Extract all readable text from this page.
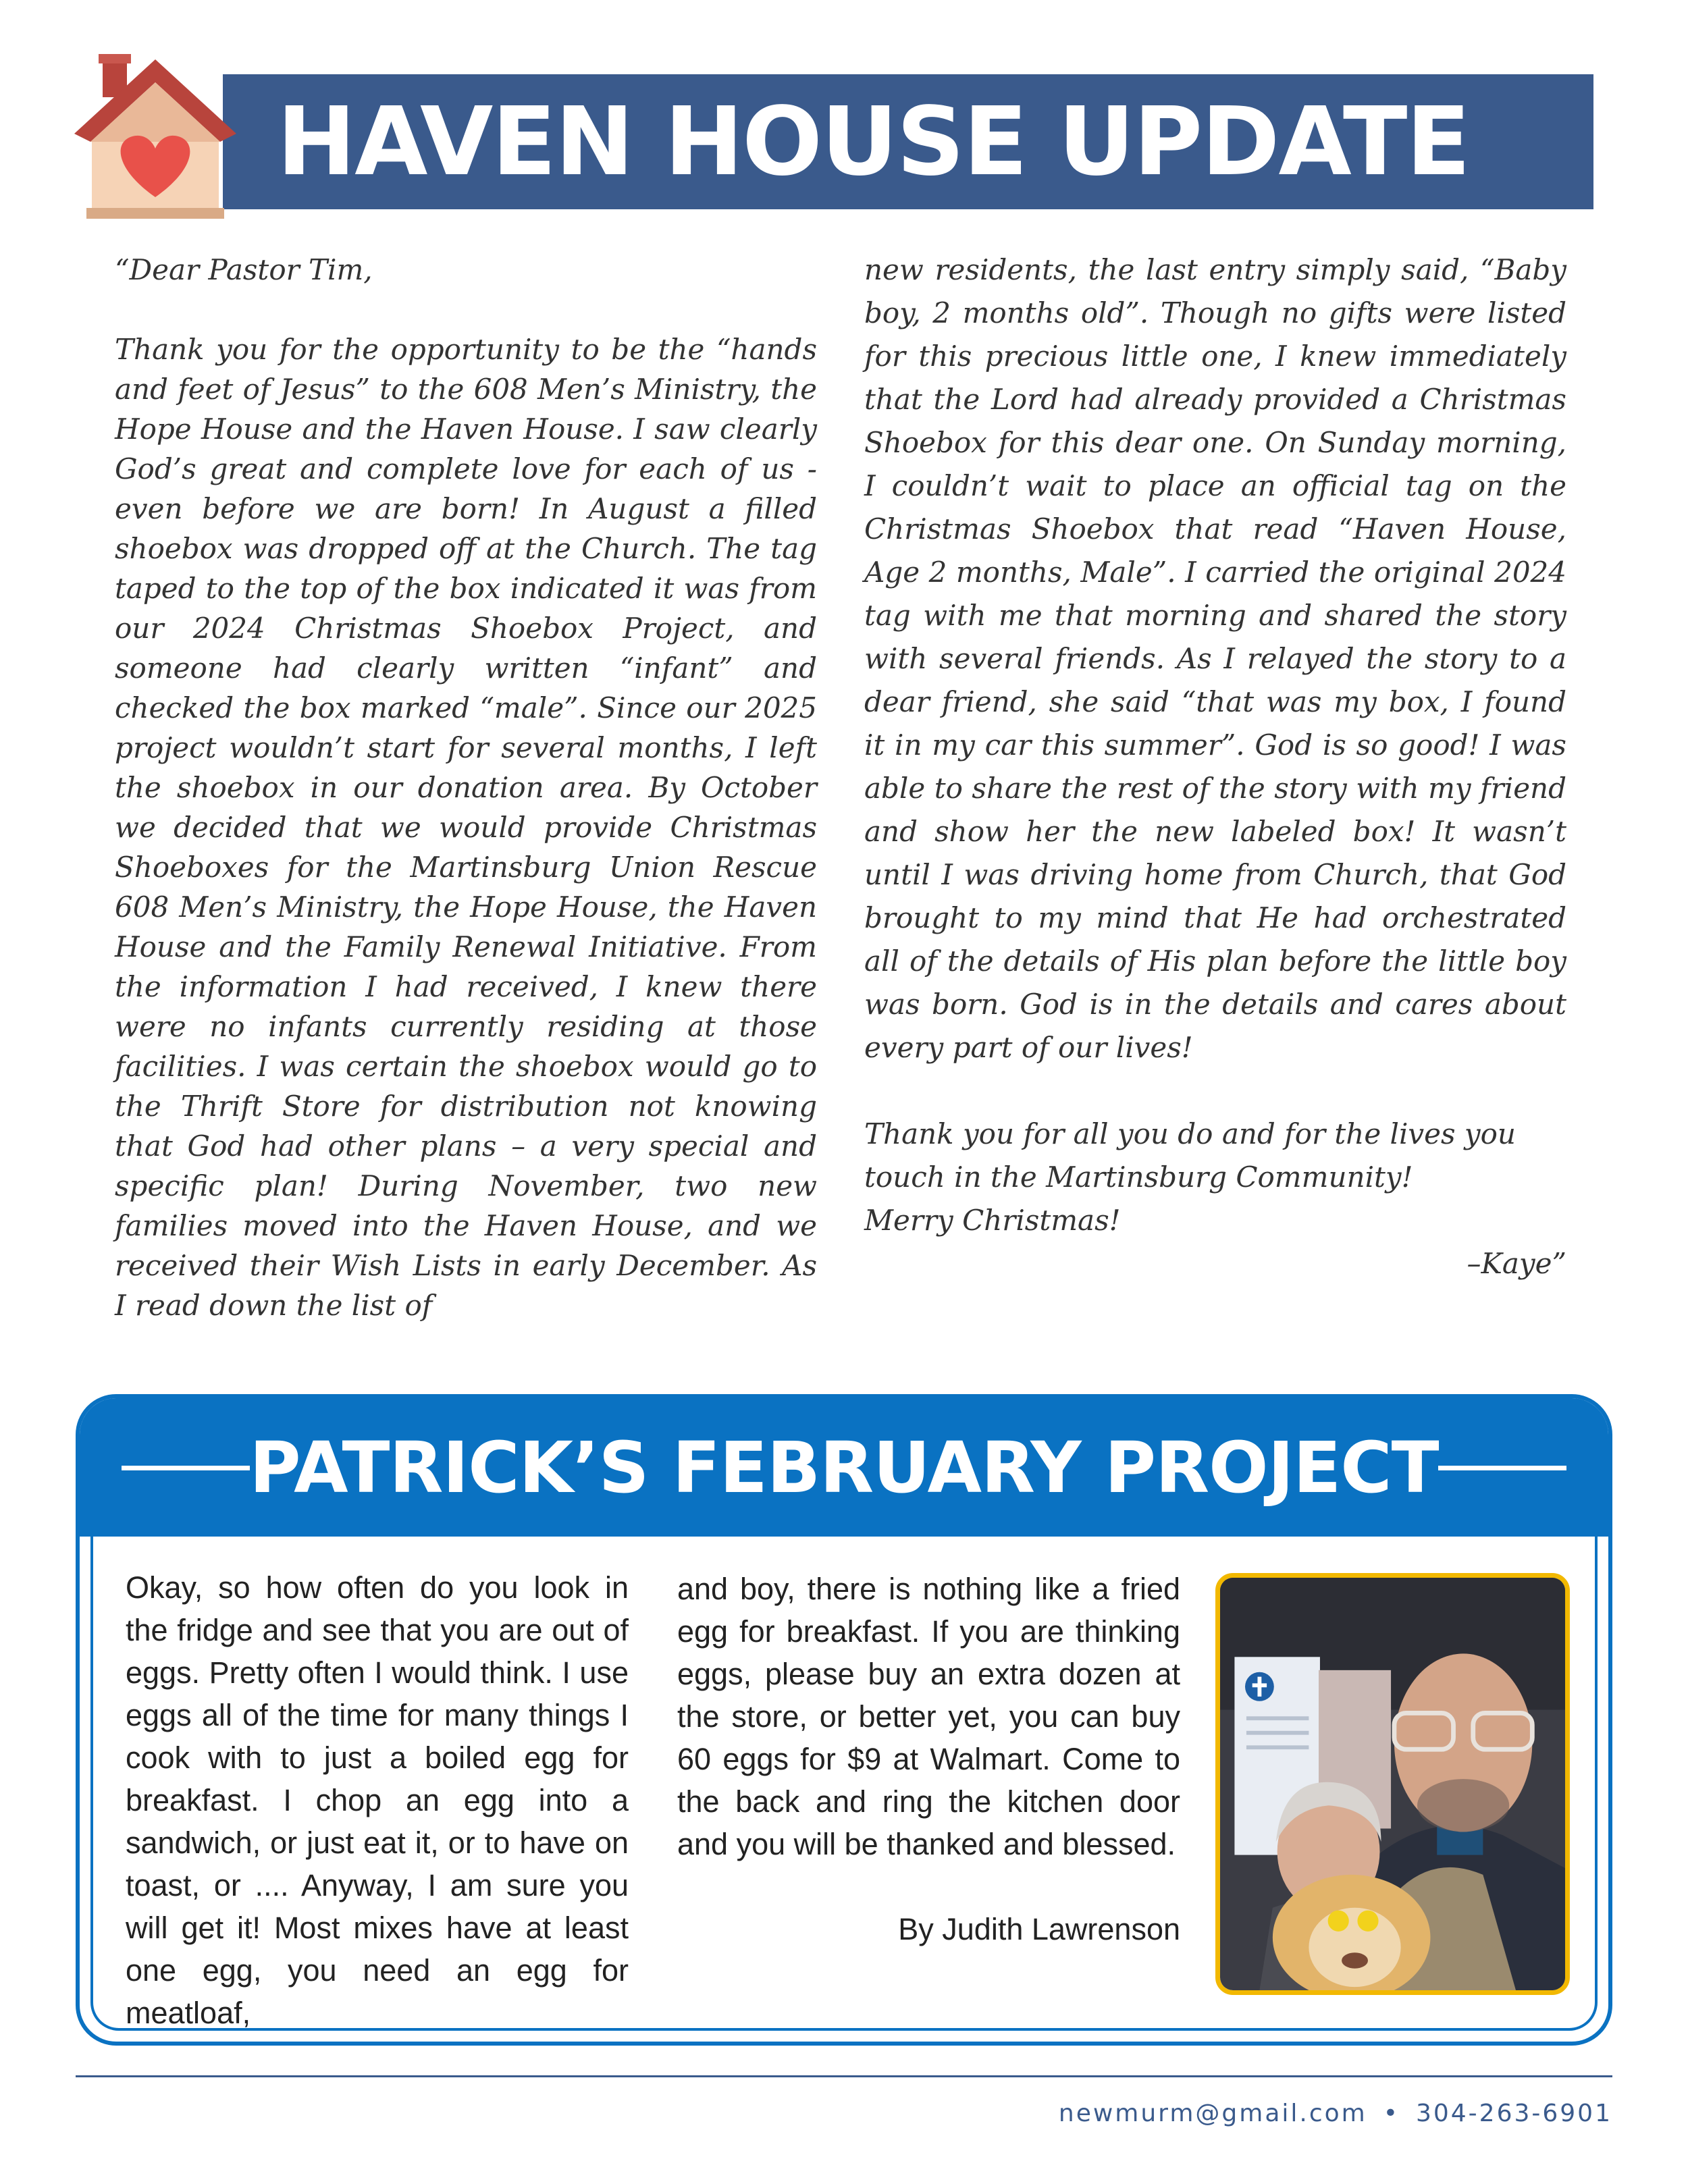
HAVEN HOUSE UPDATE

“Dear Pastor Tim,

Thank you for the opportunity to be the “hands and feet of Jesus” to the 608 Men’s Ministry, the Hope House and the Haven House. I saw clearly God’s great and complete love for each of us - even before we are born! In August a filled shoebox was dropped off at the Church. The tag taped to the top of the box indicated it was from our 2024 Christmas Shoebox Project, and someone had clearly written “infant” and checked the box marked “male”. Since our 2025 project wouldn’t start for several months, I left the shoebox in our donation area. By October we decided that we would provide Christmas Shoeboxes for the Martinsburg Union Rescue 608 Men’s Ministry, the Hope House, the Haven House and the Family Renewal Initiative. From the information I had received, I knew there were no infants currently residing at those facilities. I was certain the shoebox would go to the Thrift Store for distribution not knowing that God had other plans – a very special and specific plan! During November, two new families moved into the Haven House, and we received their Wish Lists in early December. As I read down the list of

new residents, the last entry simply said, “Baby boy, 2 months old”. Though no gifts were listed for this precious little one, I knew immediately that the Lord had already provided a Christmas Shoebox for this dear one. On Sunday morning, I couldn’t wait to place an official tag on the Christmas Shoebox that read “Haven House, Age 2 months, Male”. I carried the original 2024 tag with me that morning and shared the story with several friends. As I relayed the story to a dear friend, she said “that was my box, I found it in my car this summer”. God is so good! I was able to share the rest of the story with my friend and show her the new labeled box! It wasn’t until I was driving home from Church, that God brought to my mind that He had orchestrated all of the details of His plan before the little boy was born. God is in the details and cares about every part of our lives!

Thank you for all you do and for the lives you touch in the Martinsburg Community!

Merry Christmas!

–Kaye”

PATRICK’S FEBRUARY PROJECT

Okay, so how often do you look in the fridge and see that you are out of eggs. Pretty often I would think. I use eggs all of the time for many things I cook with to just a boiled egg for breakfast. I chop an egg into a sandwich, or just eat it, or to have on toast, or .... Anyway, I am sure you will get it! Most mixes have at least one egg, you need an egg for meatloaf,

and boy, there is nothing like a fried egg for breakfast. If you are thinking eggs, please buy an extra dozen at the store, or better yet, you can buy 60 eggs for $9 at Walmart. Come to the back and ring the kitchen door and you will be thanked and blessed.

By Judith Lawrenson

newmurm@gmail.com • 304-263-6901
